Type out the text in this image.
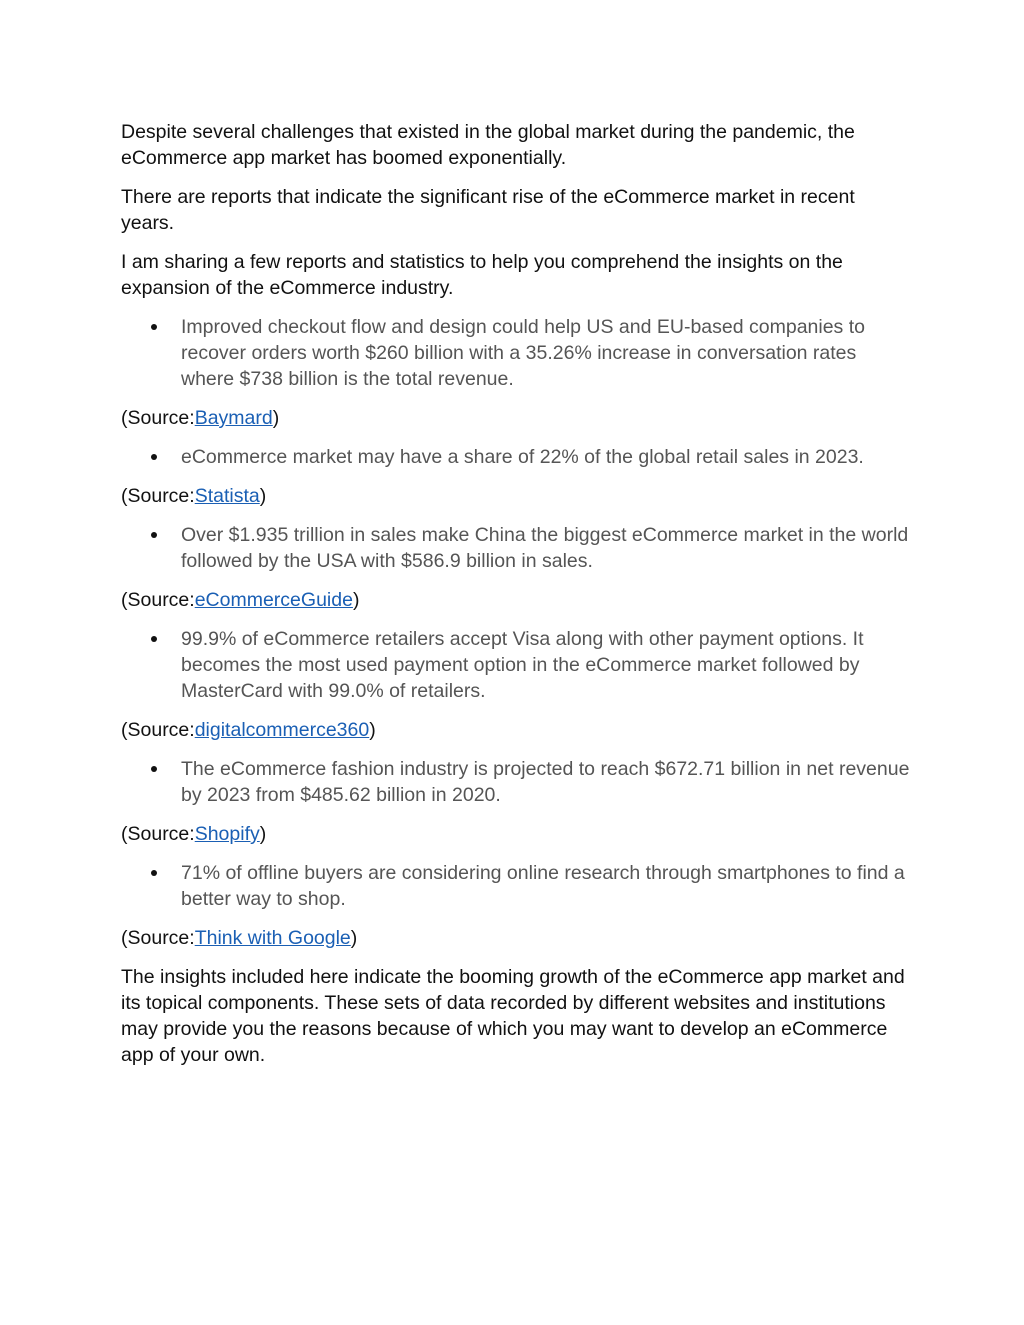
Despite several challenges that existed in the global market during the pandemic, the eCommerce app market has boomed exponentially.

There are reports that indicate the significant rise of the eCommerce market in recent years.

I am sharing a few reports and statistics to help you comprehend the insights on the expansion of the eCommerce industry.

Improved checkout flow and design could help US and EU-based companies to recover orders worth $260 billion with a 35.26% increase in conversation rates where $738 billion is the total revenue.

(Source:Baymard)

eCommerce market may have a share of 22% of the global retail sales in 2023.

(Source:Statista)

Over $1.935 trillion in sales make China the biggest eCommerce market in the world followed by the USA with $586.9 billion in sales.

(Source:eCommerceGuide)

99.9% of eCommerce retailers accept Visa along with other payment options. It becomes the most used payment option in the eCommerce market followed by MasterCard with 99.0% of retailers.

(Source:digitalcommerce360)

The eCommerce fashion industry is projected to reach $672.71 billion in net revenue by 2023 from $485.62 billion in 2020.

(Source:Shopify)

71% of offline buyers are considering online research through smartphones to find a better way to shop.

(Source:Think with Google)

The insights included here indicate the booming growth of the eCommerce app market and its topical components. These sets of data recorded by different websites and institutions may provide you the reasons because of which you may want to develop an eCommerce app of your own.
